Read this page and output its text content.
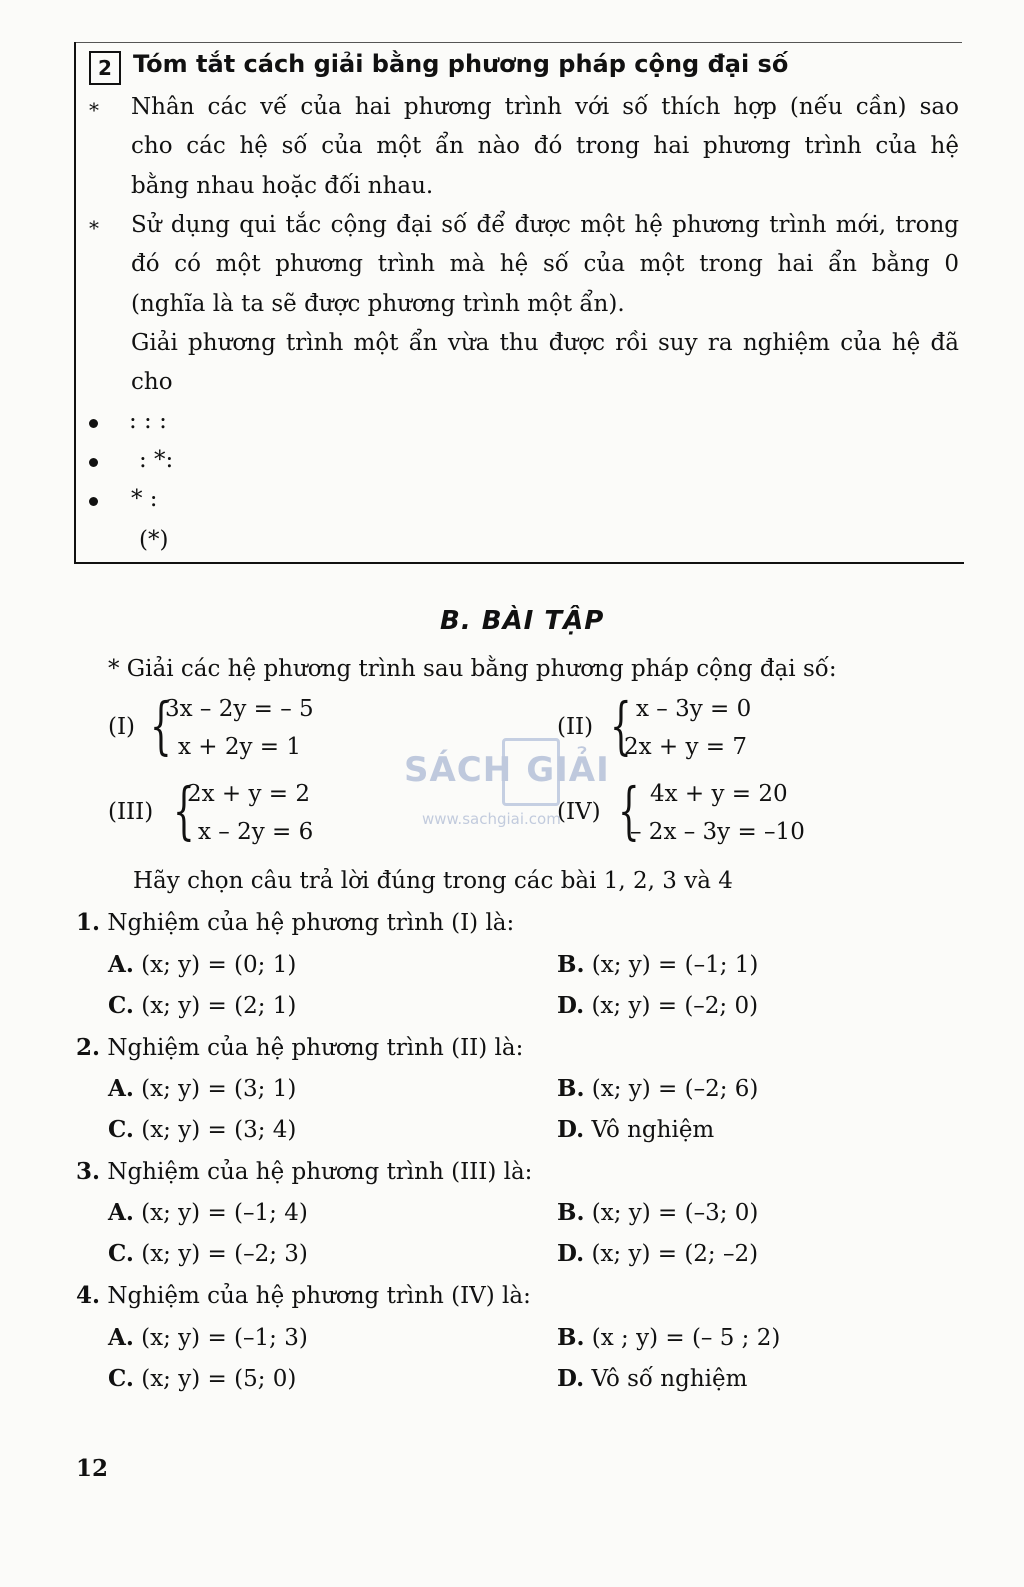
2 Tóm tắt cách giải bằng phương pháp cộng đại số
* Nhân các vế của hai phương trình với số thích hợp (nếu cần) sao
cho các hệ số của một ẩn nào đó trong hai phương trình của hệ
bằng nhau hoặc đối nhau.
* Sử dụng qui tắc cộng đại số để được một hệ phương trình mới, trong
đó có một phương trình mà hệ số của một trong hai ẩn bằng 0
(nghĩa là ta sẽ được phương trình một ẩn).
Giải phương trình một ẩn vừa thu được rồi suy ra nghiệm của hệ đã
cho
: : :
: *:
* :
(*)
B. BÀI TẬP
* Giải các hệ phương trình sau bằng phương pháp cộng đại số:
SÁCH GIẢI
www.sachgiai.com
(I) {
3x – 2y = – 5
x + 2y = 1
(II) { x – 3y = 0
2x + y = 7
(III) {
2x + y = 2
x – 2y = 6
(IV) { 4x + y = 20
– 2x – 3y = –10
Hãy chọn câu trả lời đúng trong các bài 1, 2, 3 và 4
1. Nghiệm của hệ phương trình (I) là:
A. (x; y) = (0; 1)	B. (x; y) = (–1; 1)
C. (x; y) = (2; 1)	D. (x; y) = (–2; 0)
2. Nghiệm của hệ phương trình (II) là:
A. (x; y) = (3; 1)	B. (x; y) = (–2; 6)
C. (x; y) = (3; 4)	D. Vô nghiệm
3. Nghiệm của hệ phương trình (III) là:
A. (x; y) = (–1; 4)	B. (x; y) = (–3; 0)
C. (x; y) = (–2; 3)	D. (x; y) = (2; –2)
4. Nghiệm của hệ phương trình (IV) là:
A. (x; y) = (–1; 3)	B. (x ; y) = (– 5 ; 2)
C. (x; y) = (5; 0)	D. Vô số nghiệm
12
